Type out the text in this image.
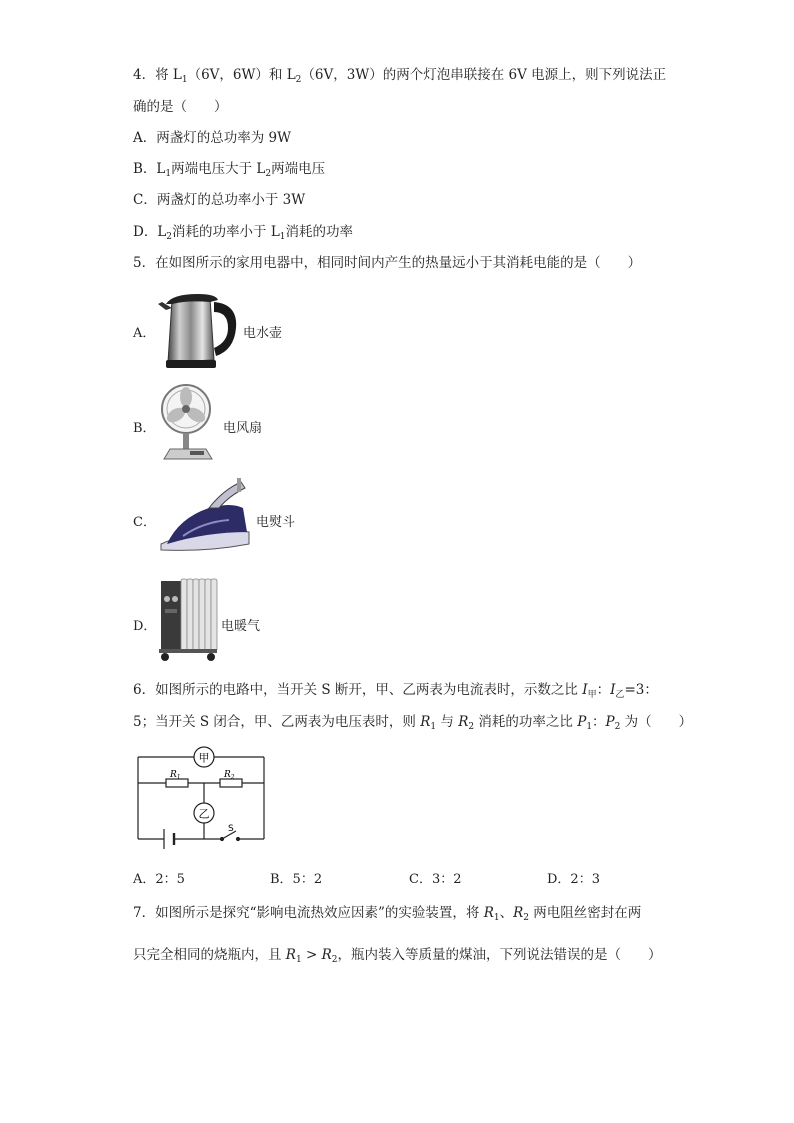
4．将 $L_1(6V$，6W）和 $L_2(6V$，3W）的两个灯泡串联接在 6V 电源上，则下列说法正
确的是（　　）
A．两盏灯的总功率为 9W
B．$L_1$两端电压大于 $L_2$两端电压
C．两盏灯的总功率小于 3W
D．$L_2$消耗的功率小于 $L_1$消耗的功率
5．在如图所示的家用电器中，相同时间内产生的热量远小于其消耗电能的是（　　）
A．	电水壶
B．	电风扇
C．	电熨斗
D．	电暖气
6．如图所示的电路中，当开关 S 断开，甲、乙两表为电流表时，示数之比 $I_甲$：$I_乙=3$：
5；当开关 S 闭合，甲、乙两表为电压表时，则 $R_1$ 与 $R_2$ 消耗的功率之比 $P_1$：$P_2$ 为（　　）
甲
$R_1$	$R_2$
乙
S
A．2：5	B．5：2	C．3：2	D．2：3
7．如图所示是探究“影响电流热效应因素”的实验装置，将 $R_1$、$R_2$ 两电阻丝密封在两
只完全相同的烧瓶内，且 $R_1 > R_2$，瓶内装入等质量的煤油，下列说法错误的是（　　）
